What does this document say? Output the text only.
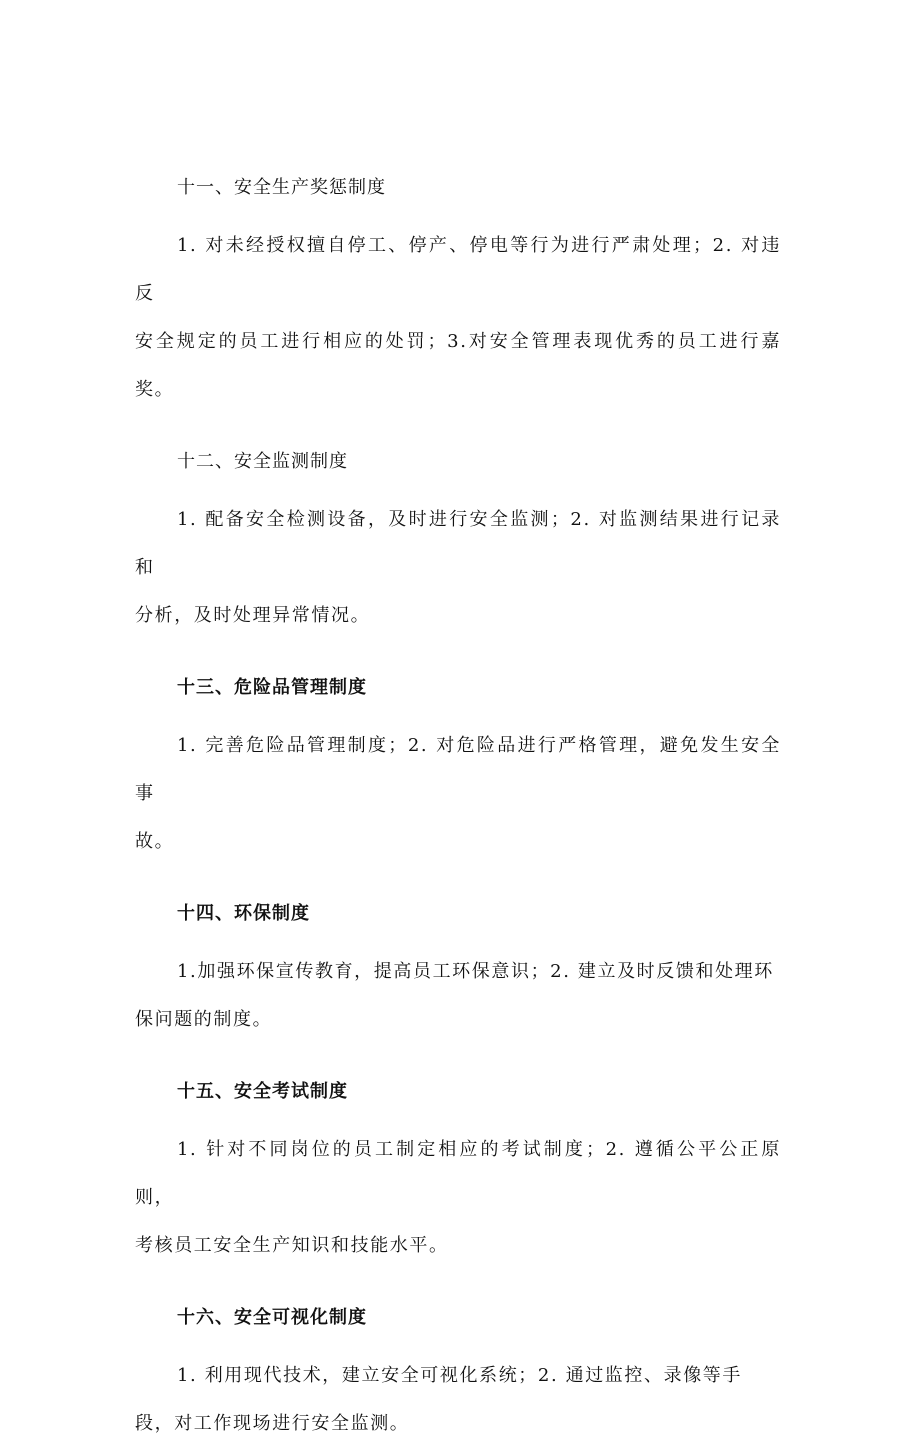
十一、安全生产奖惩制度
1. 对未经授权擅自停工、停产、停电等行为进行严肃处理；2. 对违反
安全规定的员工进行相应的处罚；3.对安全管理表现优秀的员工进行嘉奖。
十二、安全监测制度
1. 配备安全检测设备，及时进行安全监测；2. 对监测结果进行记录和
分析，及时处理异常情况。
十三、危险品管理制度
1. 完善危险品管理制度；2. 对危险品进行严格管理，避免发生安全事
故。
十四、环保制度
1.加强环保宣传教育，提高员工环保意识；2. 建立及时反馈和处理环
保问题的制度。
十五、安全考试制度
1. 针对不同岗位的员工制定相应的考试制度；2. 遵循公平公正原则，
考核员工安全生产知识和技能水平。
十六、安全可视化制度
1. 利用现代技术，建立安全可视化系统；2. 通过监控、录像等手
段，对工作现场进行安全监测。
